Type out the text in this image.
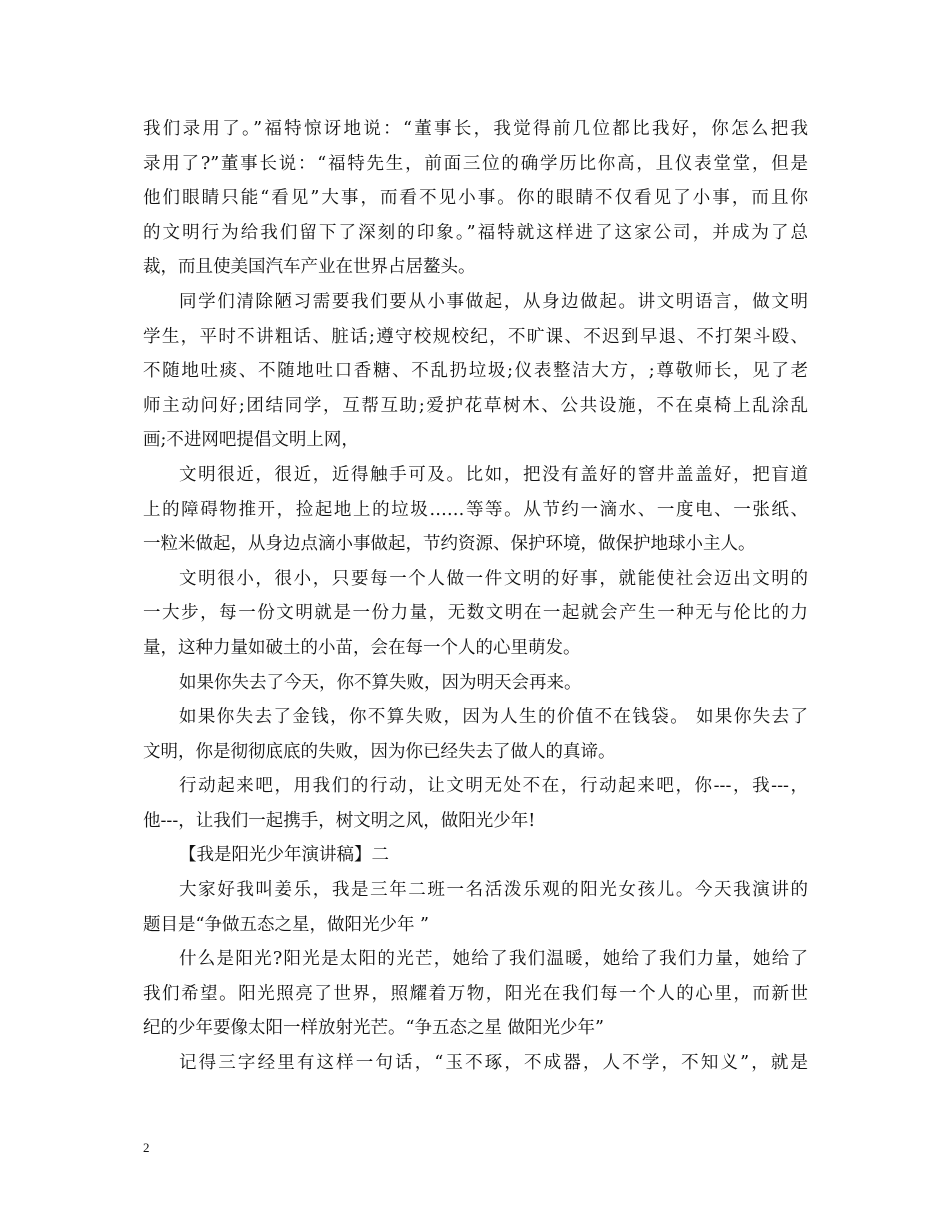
我们录用了。”福特惊讶地说：“董事长，我觉得前几位都比我好，你怎么把我
录用了?”董事长说：“福特先生，前面三位的确学历比你高，且仪表堂堂，但是
他们眼睛只能“看见”大事，而看不见小事。你的眼睛不仅看见了小事，而且你
的文明行为给我们留下了深刻的印象。”福特就这样进了这家公司，并成为了总
裁，而且使美国汽车产业在世界占居鳌头。
同学们清除陋习需要我们要从小事做起，从身边做起。讲文明语言，做文明
学生，平时不讲粗话、脏话;遵守校规校纪，不旷课、不迟到早退、不打架斗殴、
不随地吐痰、不随地吐口香糖、不乱扔垃圾;仪表整洁大方，;尊敬师长，见了老
师主动问好;团结同学，互帮互助;爱护花草树木、公共设施，不在桌椅上乱涂乱
画;不进网吧提倡文明上网，
文明很近，很近，近得触手可及。比如，把没有盖好的窨井盖盖好，把盲道
上的障碍物推开，捡起地上的垃圾……等等。从节约一滴水、一度电、一张纸、
一粒米做起，从身边点滴小事做起，节约资源、保护环境，做保护地球小主人。
文明很小，很小，只要每一个人做一件文明的好事，就能使社会迈出文明的
一大步，每一份文明就是一份力量，无数文明在一起就会产生一种无与伦比的力
量，这种力量如破土的小苗，会在每一个人的心里萌发。
如果你失去了今天，你不算失败，因为明天会再来。
如果你失去了金钱，你不算失败，因为人生的价值不在钱袋。 如果你失去了
文明，你是彻彻底底的失败，因为你已经失去了做人的真谛。
行动起来吧，用我们的行动，让文明无处不在，行动起来吧，你---，我---，
他---，让我们一起携手，树文明之风，做阳光少年!
【我是阳光少年演讲稿】二
大家好我叫姜乐，我是三年二班一名活泼乐观的阳光女孩儿。今天我演讲的
题目是“争做五态之星，做阳光少年 ”
什么是阳光?阳光是太阳的光芒，她给了我们温暖，她给了我们力量，她给了
我们希望。阳光照亮了世界，照耀着万物，阳光在我们每一个人的心里，而新世
纪的少年要像太阳一样放射光芒。“争五态之星 做阳光少年”
记得三字经里有这样一句话，“玉不琢，不成器，人不学，不知义”，就是
2
